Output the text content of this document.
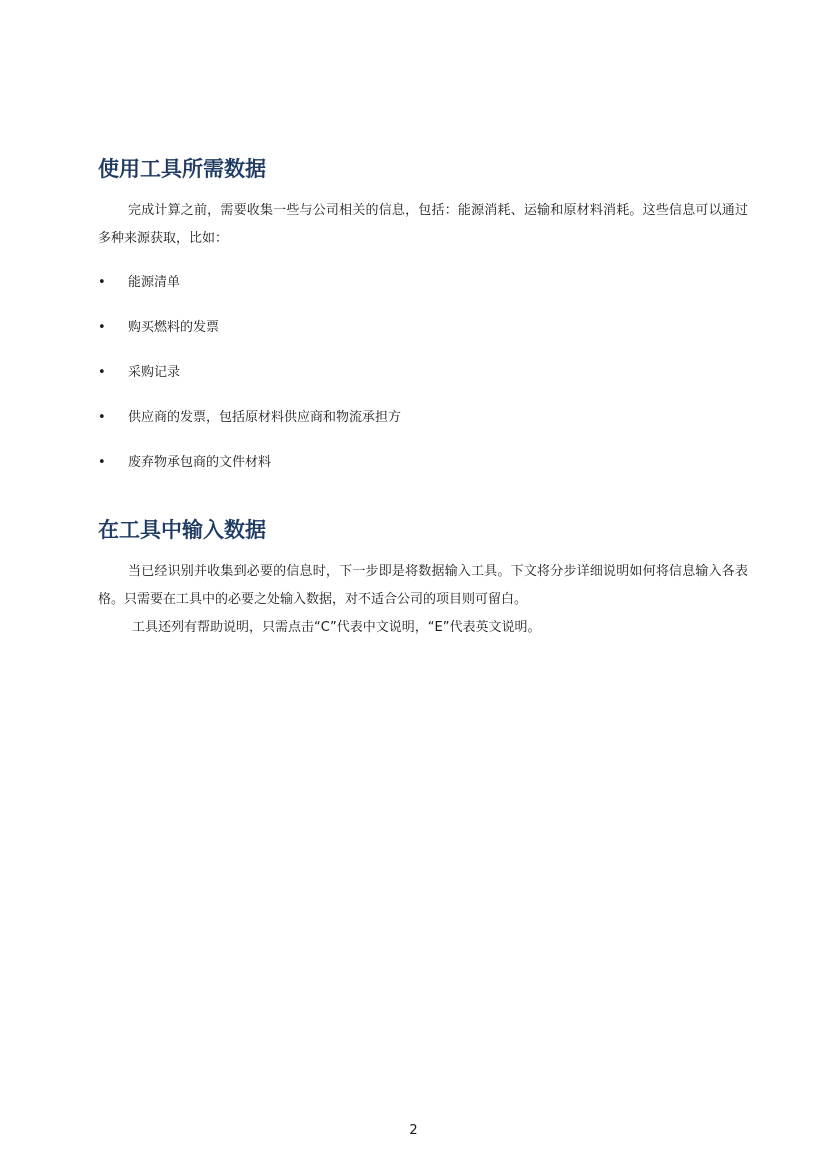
使用工具所需数据

完成计算之前，需要收集一些与公司相关的信息，包括：能源消耗、运输和原材料消耗。这些信息可以通过多种来源获取，比如：

•	能源清单
•	购买燃料的发票
•	采购记录
•	供应商的发票，包括原材料供应商和物流承担方
•	废弃物承包商的文件材料
在工具中输入数据

当已经识别并收集到必要的信息时，下一步即是将数据输入工具。下文将分步详细说明如何将信息输入各表格。只需要在工具中的必要之处输入数据，对不适合公司的项目则可留白。

工具还列有帮助说明，只需点击“C”代表中文说明，“E”代表英文说明。

2
